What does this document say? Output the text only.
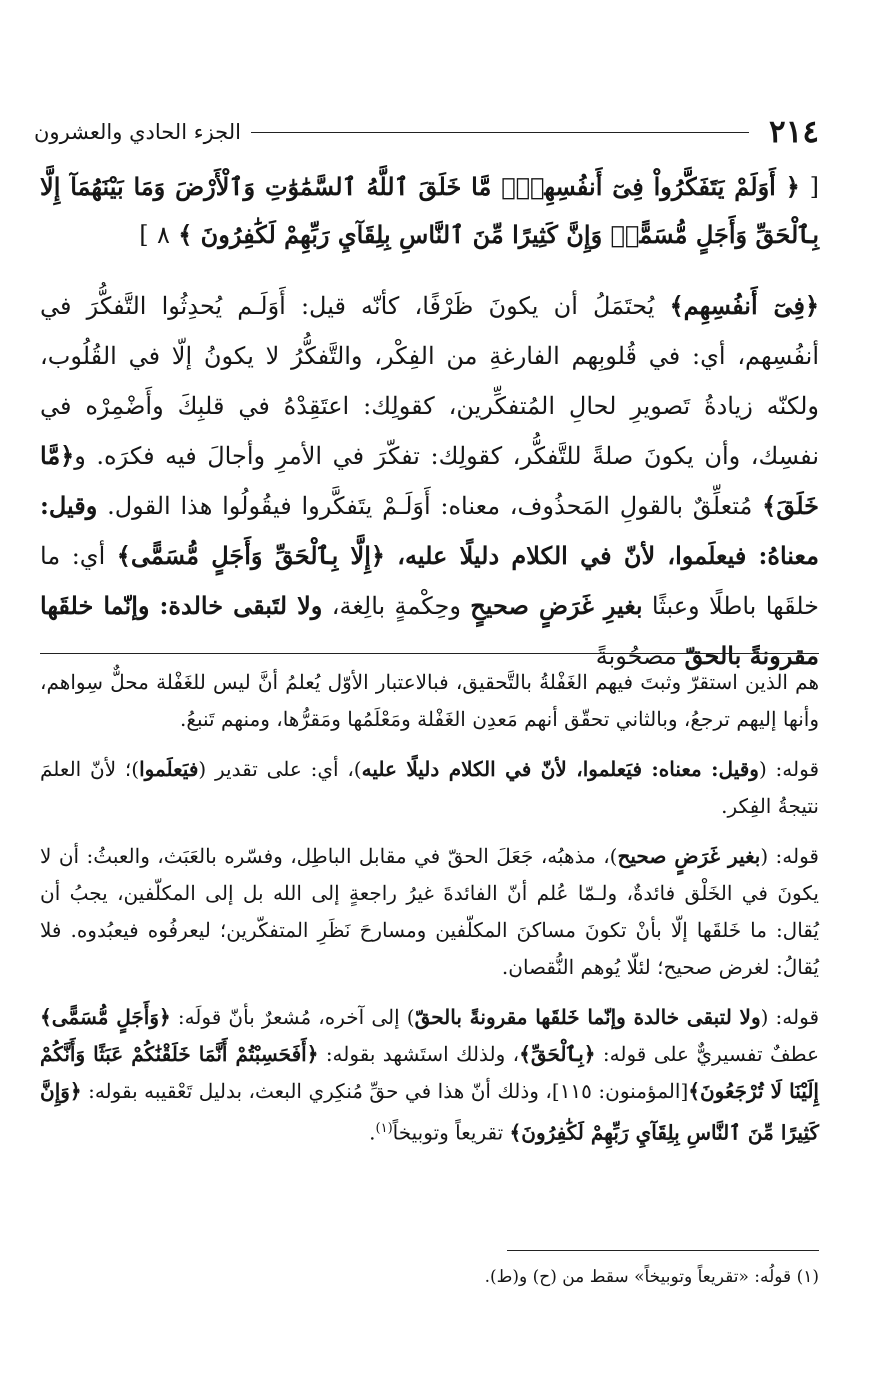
٢١٤
الجزء الحادي والعشرون
[ ﴿ أَوَلَمْ يَتَفَكَّرُواْ فِىٓ أَنفُسِهِمْۗ مَّا خَلَقَ ٱللَّهُ ٱلسَّمَٰوَٰتِ وَٱلْأَرْضَ وَمَا بَيْنَهُمَآ إِلَّا بِٱلْحَقِّ وَأَجَلٍ مُّسَمًّىۗ وَإِنَّ كَثِيرًا مِّنَ ٱلنَّاسِ بِلِقَآيِ رَبِّهِمْ لَكَٰفِرُونَ ﴾ ٨ ]
﴿فِىٓ أَنفُسِهِم﴾ يُحتَمَلُ أن يكونَ ظَرْفًا، كأنّه قيل: أَوَلَـم يُحدِثُوا التَّفكُّرَ في أنفُسِهم، أي: في قُلوبِهم الفارغةِ من الفِكْر، والتَّفكُّرُ لا يكونُ إلّا في القُلُوب، ولكنّه زيادةُ تَصويرِ لحالِ المُتفكِّرين، كقولِك: اعتَقِدْهُ في قلبِكَ وأَضْمِرْه في نفسِك، وأن يكونَ صلةً للتَّفكُّر، كقولِك: تفكّرَ في الأمرِ وأجالَ فيه فكرَه. و﴿مَّا خَلَقَ﴾ مُتعلِّقٌ بالقولِ المَحذُوف، معناه: أَوَلَـمْ يتَفكَّروا فيقُولُوا هذا القول. وقيل: معناهُ: فيعلَموا، لأنّ في الكلام دليلًا عليه، ﴿إِلَّا بِٱلْحَقِّ وَأَجَلٍ مُّسَمًّى﴾ أي: ما خلقَها باطلًا وعبثًا بغيرِ غَرَضٍ صحيحٍ وحِكْمةٍ بالِغة، ولا لتَبقى خالدة: وإنّما خلقَها مقرونةً بالحقّ مصحُوبةً

هم الذين استقرّ وثبتَ فيهم الغَفْلةُ بالتَّحقيق، فبالاعتبار الأوّل يُعلمُ أنَّ ليس للغَفْلة محلٌّ سِواهم، وأنها إليهم ترجعُ، وبالثاني تحقّق أنهم مَعدِن الغَفْلة ومَعْلَمُها ومَقرُّها، ومنهم تَنبعُ.

قوله: (وقيل: معناه: فيَعلموا، لأنّ في الكلام دليلًا عليه)، أي: على تقدير (فيَعلَموا)؛ لأنّ العلمَ نتيجةُ الفِكر.

قوله: (بغير غَرَضٍ صحيح)، مذهبُه، جَعَلَ الحقّ في مقابل الباطِل، وفسّره بالعَبَث، والعبثُ: أن لا يكونَ في الخَلْق فائدةٌ، ولـمّا عُلم أنّ الفائدةَ غيرُ راجعةٍ إلى الله بل إلى المكلّفين، يجبُ أن يُقال: ما خَلقَها إلّا بأنْ تكونَ مساكنَ المكلّفين ومسارحَ نَظَرِ المتفكّرين؛ ليعرفُوه فيعبُدوه. فلا يُقالُ: لغرض صحيح؛ لئلّا يُوهم النُّقصان.

قوله: (ولا لتبقى خالدة وإنّما خَلقَها مقرونةً بالحقّ) إلى آخره، مُشعرٌ بأنّ قولَه: ﴿وَأَجَلٍ مُّسَمًّى﴾ عطفٌ تفسيريٌّ على قوله: ﴿بِٱلْحَقِّ﴾، ولذلك استَشهد بقوله: ﴿أَفَحَسِبْتُمْ أَنَّمَا خَلَقْنَٰكُمْ عَبَثًا وَأَنَّكُمْ إِلَيْنَا لَا تُرْجَعُونَ﴾[المؤمنون: ١١٥]، وذلك أنّ هذا في حقِّ مُنكِري البعث، بدليل تَعْقيبه بقوله: ﴿وَإِنَّ كَثِيرًا مِّنَ ٱلنَّاسِ بِلِقَآيِ رَبِّهِمْ لَكَٰفِرُونَ﴾ تقريعاً وتوبيخاً$^{(١)}$.

(١) قولُه: «تقريعاً وتوبيخاً» سقط من (ح) و(ط).
